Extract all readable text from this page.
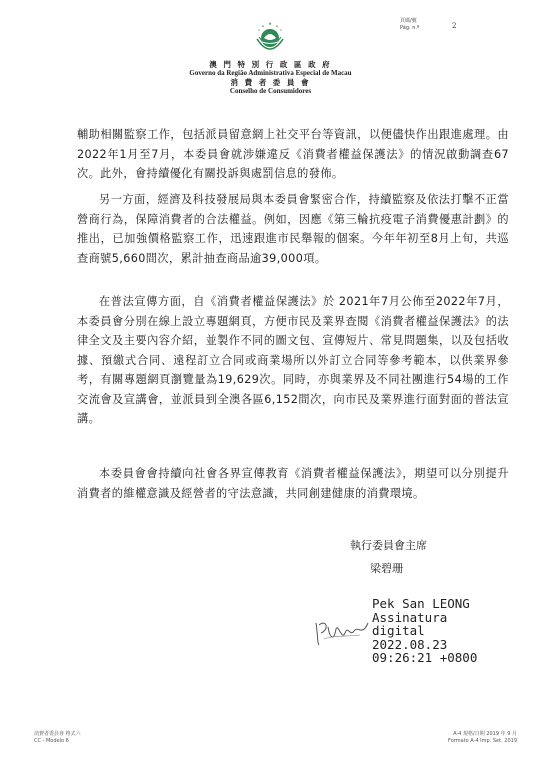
頁碼/號
Pág. n.º	2
澳 門 特 別 行 政 區 政 府
Governo da Região Administrativa Especial de Macau
消 費 者 委 員 會
Conselho de Consumidores

輔助相關監察工作，包括派員留意網上社交平台等資訊，以便儘快作出跟進處理。由2022年1月至7月，本委員會就涉嫌違反《消費者權益保護法》的情況啟動調查67次。此外，會持續優化有關投訴與處罰信息的發佈。

另一方面，經濟及科技發展局與本委員會緊密合作，持續監察及依法打擊不正當營商行為，保障消費者的合法權益。例如，因應《第三輪抗疫電子消費優惠計劃》的推出，已加強價格監察工作，迅速跟進市民舉報的個案。今年年初至8月上旬，共巡查商號5,660間次，累計抽查商品逾39,000項。

在普法宣傳方面，自《消費者權益保護法》於 2021年7月公佈至2022年7月，本委員會分別在線上設立專題網頁，方便市民及業界查閱《消費者權益保護法》的法律全文及主要內容介紹，並製作不同的圖文包、宣傳短片、常見問題集，以及包括收據、預繳式合同、遠程訂立合同或商業場所以外訂立合同等參考範本，以供業界參考，有關專題網頁瀏覽量為19,629次。同時，亦與業界及不同社團進行54場的工作交流會及宣講會，並派員到全澳各區6,152間次，向市民及業界進行面對面的普法宣講。

本委員會會持續向社會各界宣傳教育《消費者權益保護法》，期望可以分別提升消費者的維權意識及經營者的守法意識，共同創建健康的消費環境。

執行委員會主席
梁碧珊
Pek San LEONG
Assinatura
digital
2022.08.23
09:26:21 +0800
消費者委員會 格式六
CC - Modelo 6
A-4 規格/日期 2019 年 9 月
Formato A-4 Imp. Set. 2019
